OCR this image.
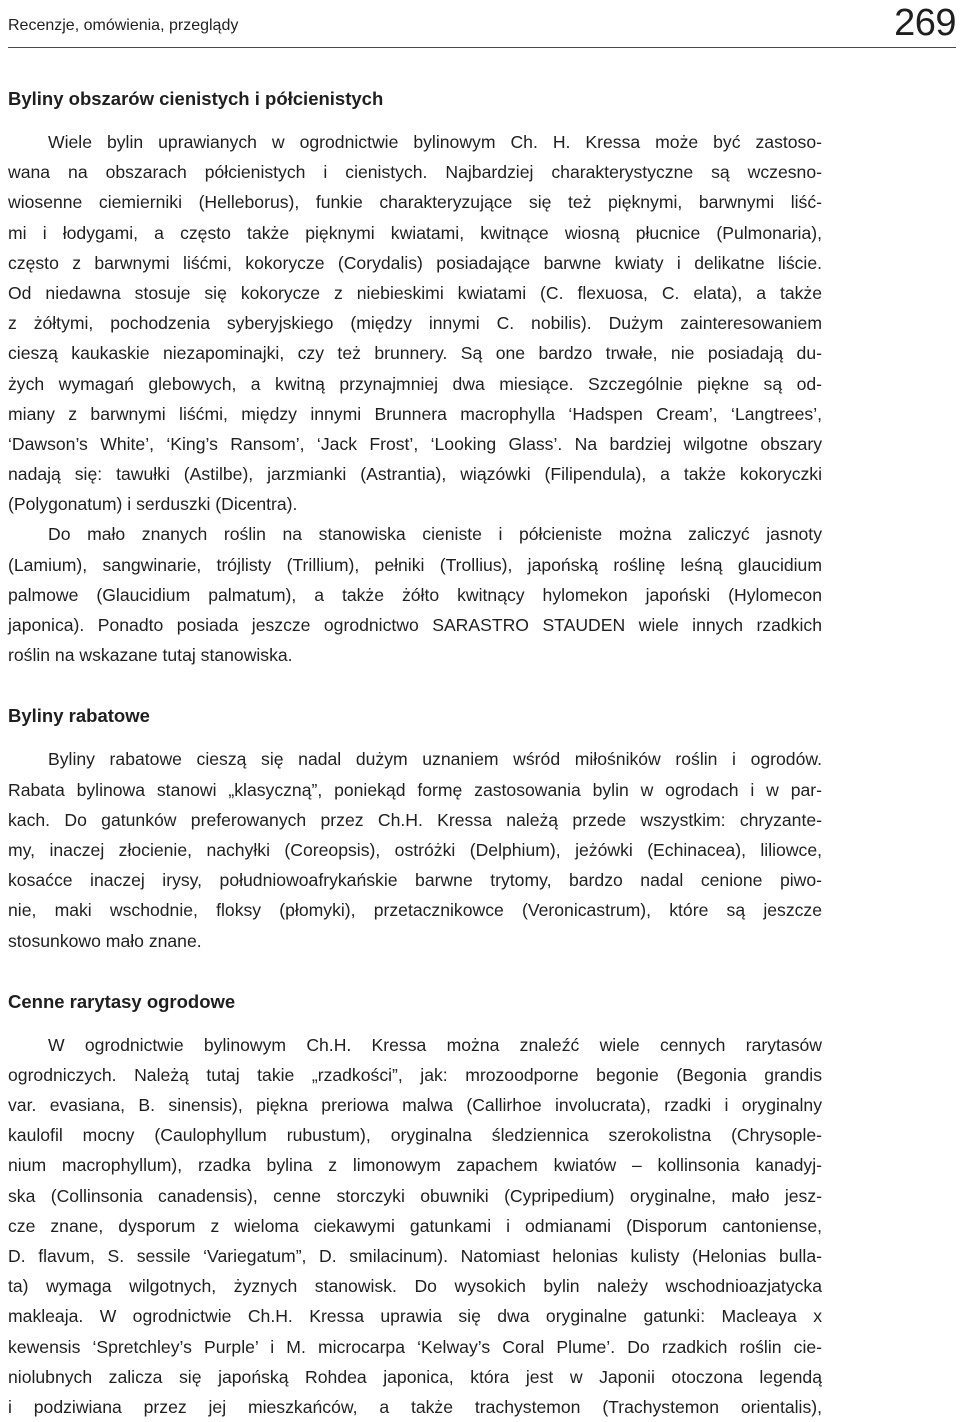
Recenzje, omówienia, przeglądy	269
Byliny obszarów cienistych i półcienistych
Wiele bylin uprawianych w ogrodnictwie bylinowym Ch. H. Kressa może być zastoso-
wana na obszarach półcienistych i cienistych. Najbardziej charakterystyczne są wczesno-
wiosenne ciemierniki (Helleborus), funkie charakteryzujące się też pięknymi, barwnymi liść-
mi i łodygami, a często także pięknymi kwiatami, kwitnące wiosną płucnice (Pulmonaria),
często z barwnymi liśćmi, kokorycze (Corydalis) posiadające barwne kwiaty i delikatne liście.
Od niedawna stosuje się kokorycze z niebieskimi kwiatami (C. flexuosa, C. elata), a także
z żółtymi, pochodzenia syberyjskiego (między innymi C. nobilis). Dużym zainteresowaniem
cieszą kaukaskie niezapominajki, czy też brunnery. Są one bardzo trwałe, nie posiadają du-
żych wymagań glebowych, a kwitną przynajmniej dwa miesiące. Szczególnie piękne są od-
miany z barwnymi liśćmi, między innymi Brunnera macrophylla ‘Hadspen Cream’, ‘Langtrees’,
‘Dawson’s White’, ‘King’s Ransom’, ‘Jack Frost’, ‘Looking Glass’. Na bardziej wilgotne obszary
nadają się: tawułki (Astilbe), jarzmianki (Astrantia), wiązówki (Filipendula), a także kokoryczki
(Polygonatum) i serduszki (Dicentra).
Do mało znanych roślin na stanowiska cieniste i półcieniste można zaliczyć jasnoty
(Lamium), sangwinarie, trójlisty (Trillium), pełniki (Trollius), japońską roślinę leśną glaucidium
palmowe (Glaucidium palmatum), a także żółto kwitnący hylomekon japoński (Hylomecon
japonica). Ponadto posiada jeszcze ogrodnictwo SARASTRO STAUDEN wiele innych rzadkich
roślin na wskazane tutaj stanowiska.
Byliny rabatowe
Byliny rabatowe cieszą się nadal dużym uznaniem wśród miłośników roślin i ogrodów.
Rabata bylinowa stanowi „klasyczną”, poniekąd formę zastosowania bylin w ogrodach i w par-
kach. Do gatunków preferowanych przez Ch.H. Kressa należą przede wszystkim: chryzante-
my, inaczej złocienie, nachyłki (Coreopsis), ostróżki (Delphium), jeżówki (Echinacea), liliowce,
kosaćce inaczej irysy, południowoafrykańskie barwne trytomy, bardzo nadal cenione piwo-
nie, maki wschodnie, floksy (płomyki), przetacznikowce (Veronicastrum), które są jeszcze
stosunkowo mało znane.
Cenne rarytasy ogrodowe
W ogrodnictwie bylinowym Ch.H. Kressa można znaleźć wiele cennych rarytasów
ogrodniczych. Należą tutaj takie „rzadkości”, jak: mrozoodporne begonie (Begonia grandis
var. evasiana, B. sinensis), piękna preriowa malwa (Callirhoe involucrata), rzadki i oryginalny
kaulofil mocny (Caulophyllum rubustum), oryginalna śledziennica szerokolistna (Chrysople-
nium macrophyllum), rzadka bylina z limonowym zapachem kwiatów – kollinsonia kanadyj-
ska (Collinsonia canadensis), cenne storczyki obuwniki (Cypripedium) oryginalne, mało jesz-
cze znane, dysporum z wieloma ciekawymi gatunkami i odmianami (Disporum cantoniense,
D. flavum, S. sessile ‘Variegatum”, D. smilacinum). Natomiast helonias kulisty (Helonias bulla-
ta) wymaga wilgotnych, żyznych stanowisk. Do wysokich bylin należy wschodnioazjatycka
makleaja. W ogrodnictwie Ch.H. Kressa uprawia się dwa oryginalne gatunki: Macleaya x
kewensis ‘Spretchley’s Purple’ i M. microcarpa ‘Kelway’s Coral Plume’. Do rzadkich roślin cie-
niolubnych zalicza się japońską Rohdea japonica, która jest w Japonii otoczona legendą
i podziwiana przez jej mieszkańców, a także trachystemon (Trachystemon orientalis),
